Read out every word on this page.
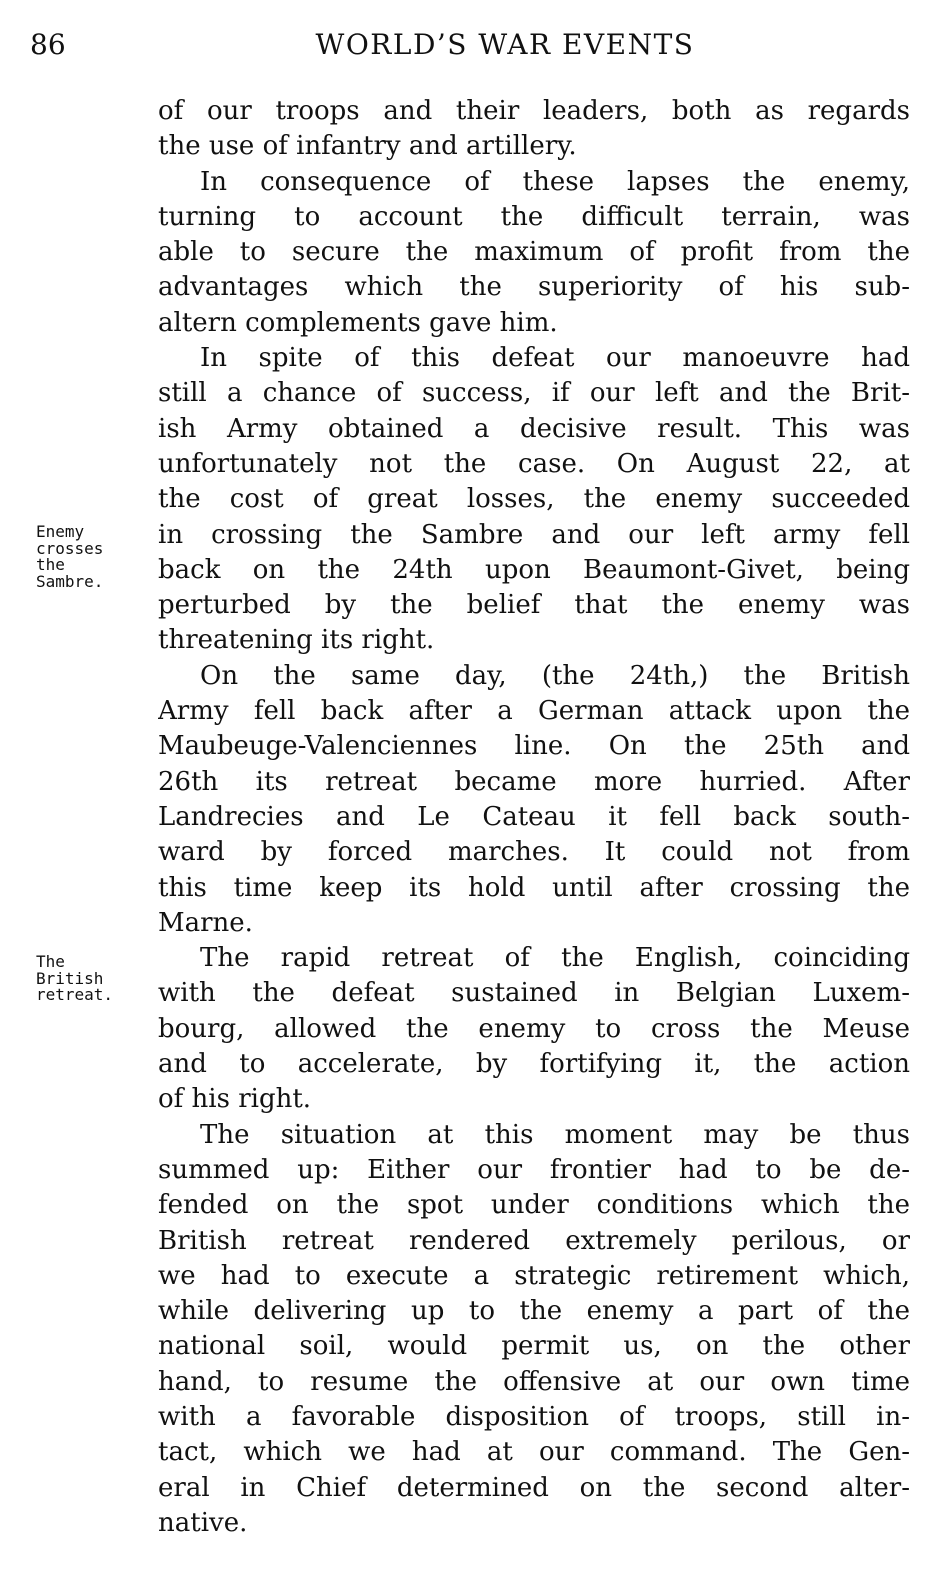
86	WORLD’S WAR EVENTS
Enemy
crosses
the
Sambre.
The
British
retreat.
of our troops and their leaders, both as regards
the use of infantry and artillery.
In consequence of these lapses the enemy,
turning to account the difficult terrain, was
able to secure the maximum of profit from the
advantages which the superiority of his sub-
altern complements gave him.
In spite of this defeat our manoeuvre had
still a chance of success, if our left and the Brit-
ish Army obtained a decisive result. This was
unfortunately not the case. On August 22, at
the cost of great losses, the enemy succeeded
in crossing the Sambre and our left army fell
back on the 24th upon Beaumont-Givet, being
perturbed by the belief that the enemy was
threatening its right.
On the same day, (the 24th,) the British
Army fell back after a German attack upon the
Maubeuge-Valenciennes line. On the 25th and
26th its retreat became more hurried. After
Landrecies and Le Cateau it fell back south-
ward by forced marches. It could not from
this time keep its hold until after crossing the
Marne.
The rapid retreat of the English, coinciding
with the defeat sustained in Belgian Luxem-
bourg, allowed the enemy to cross the Meuse
and to accelerate, by fortifying it, the action
of his right.
The situation at this moment may be thus
summed up: Either our frontier had to be de-
fended on the spot under conditions which the
British retreat rendered extremely perilous, or
we had to execute a strategic retirement which,
while delivering up to the enemy a part of the
national soil, would permit us, on the other
hand, to resume the offensive at our own time
with a favorable disposition of troops, still in-
tact, which we had at our command. The Gen-
eral in Chief determined on the second alter-
native.
